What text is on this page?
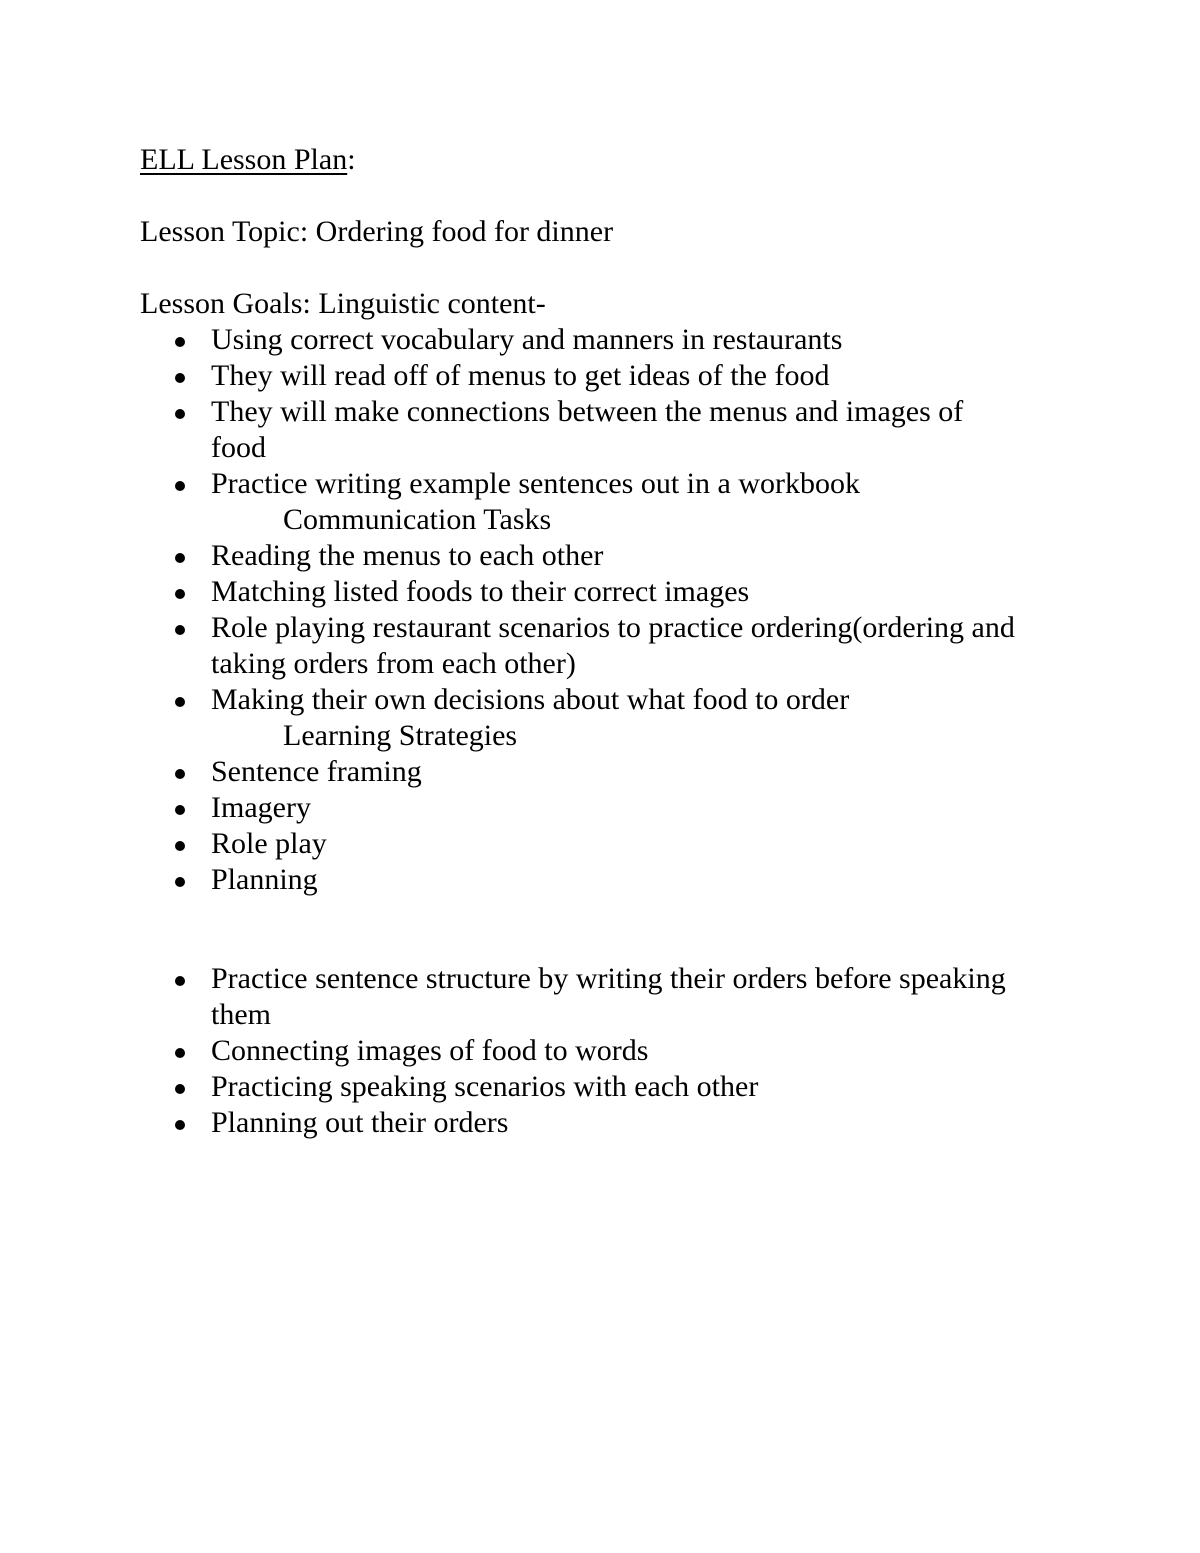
ELL Lesson Plan:

Lesson Topic: Ordering food for dinner

Lesson Goals: Linguistic content-

Using correct vocabulary and manners in restaurants
They will read off of menus to get ideas of the food
They will make connections between the menus and images of food
Practice writing example sentences out in a workbook

Communication Tasks

Reading the menus to each other
Matching listed foods to their correct images
Role playing restaurant scenarios to practice ordering(ordering and taking orders from each other)
Making their own decisions about what food to order

Learning Strategies

Sentence framing
Imagery
Role play
Planning
Practice sentence structure by writing their orders before speaking them
Connecting images of food to words
Practicing speaking scenarios with each other
Planning out their orders
